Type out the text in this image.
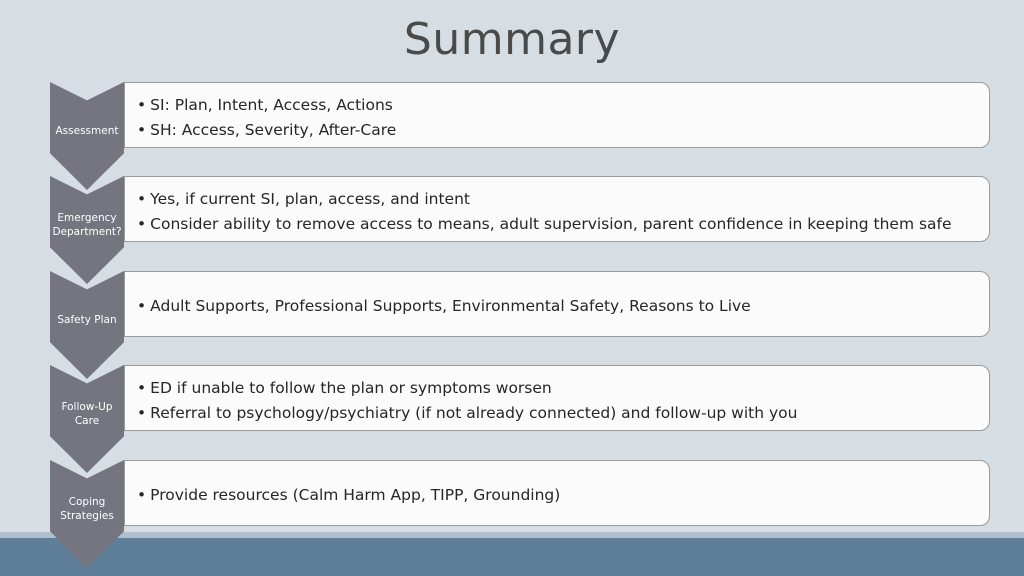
Summary
Assessment
• SI: Plan, Intent, Access, Actions
• SH: Access, Severity, After-Care
Emergency Department?
• Yes, if current SI, plan, access, and intent
• Consider ability to remove access to means, adult supervision, parent confidence in keeping them safe
Safety Plan
• Adult Supports, Professional Supports, Environmental Safety, Reasons to Live
Follow-Up Care
• ED if unable to follow the plan or symptoms worsen
• Referral to psychology/psychiatry (if not already connected) and follow-up with you
Coping Strategies
• Provide resources (Calm Harm App, TIPP, Grounding)
